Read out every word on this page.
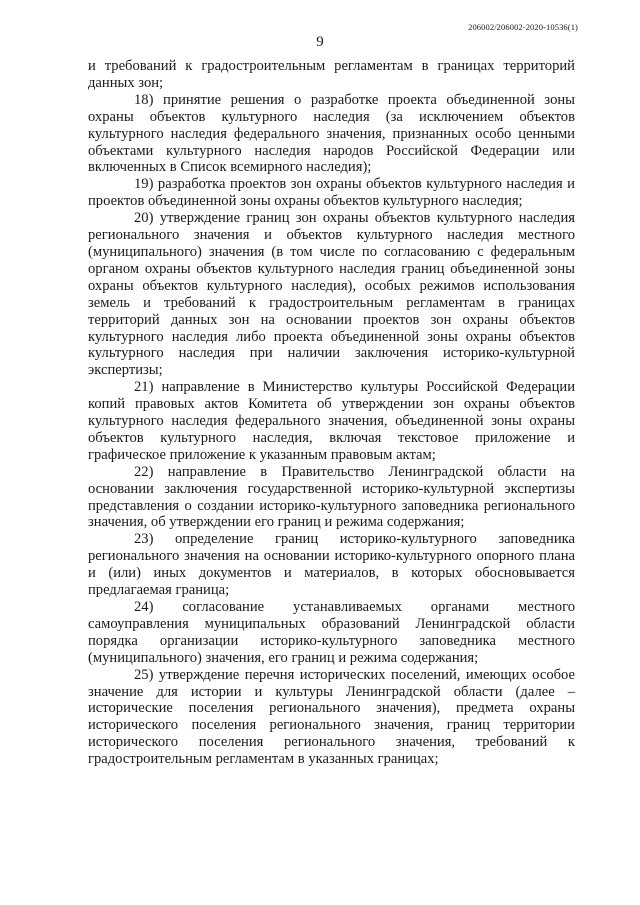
206002/206002-2020-10536(1)
9

и требований к градостроительным регламентам в границах территорий данных зон;

18) принятие решения о разработке проекта объединенной зоны охраны объектов культурного наследия (за исключением объектов культурного наследия федерального значения, признанных особо ценными объектами культурного наследия народов Российской Федерации или включенных в Список всемирного наследия);

19) разработка проектов зон охраны объектов культурного наследия и проектов объединенной зоны охраны объектов культурного наследия;

20) утверждение границ зон охраны объектов культурного наследия регионального значения и объектов культурного наследия местного (муниципального) значения (в том числе по согласованию с федеральным органом охраны объектов культурного наследия границ объединенной зоны охраны объектов культурного наследия), особых режимов использования земель и требований к градостроительным регламентам в границах территорий данных зон на основании проектов зон охраны объектов культурного наследия либо проекта объединенной зоны охраны объектов культурного наследия при наличии заключения историко-культурной экспертизы;

21) направление в Министерство культуры Российской Федерации копий правовых актов Комитета об утверждении зон охраны объектов культурного наследия федерального значения, объединенной зоны охраны объектов культурного наследия, включая текстовое приложение и графическое приложение к указанным правовым актам;

22) направление в Правительство Ленинградской области на основании заключения государственной историко-культурной экспертизы представления о создании историко-культурного заповедника регионального значения, об утверждении его границ и режима содержания;

23) определение границ историко-культурного заповедника регионального значения на основании историко-культурного опорного плана и (или) иных документов и материалов, в которых обосновывается предлагаемая граница;

24) согласование устанавливаемых органами местного самоуправления муниципальных образований Ленинградской области порядка организации историко-культурного заповедника местного (муниципального) значения, его границ и режима содержания;

25) утверждение перечня исторических поселений, имеющих особое значение для истории и культуры Ленинградской области (далее – исторические поселения регионального значения), предмета охраны исторического поселения регионального значения, границ территории исторического поселения регионального значения, требований к градостроительным регламентам в указанных границах;
